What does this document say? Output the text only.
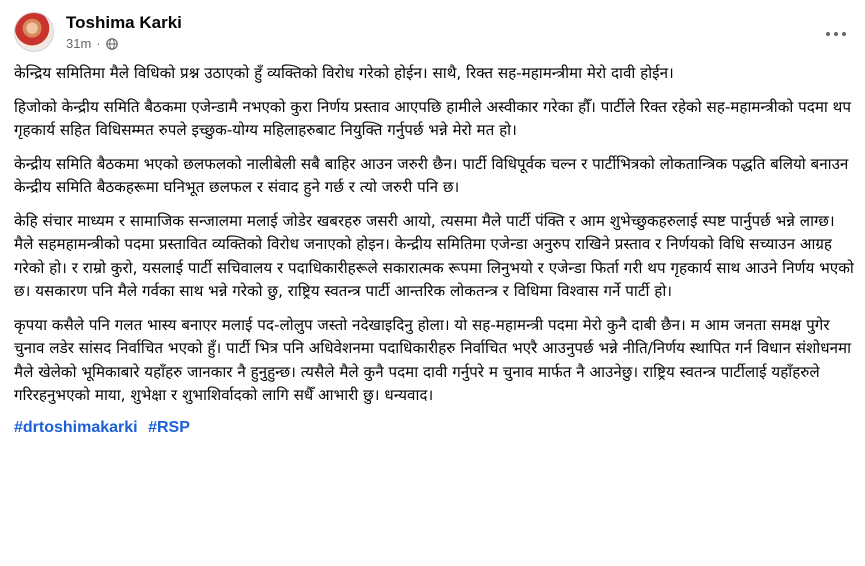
Toshima Karki
31m ·

केन्द्रिय समितिमा मैले विधिको प्रश्न उठाएको हुँ व्यक्तिको विरोध गरेको होईन। साथै, रिक्त सह-महामन्त्रीमा मेरो दावी होईन।

हिजोको केन्द्रीय समिति बैठकमा एजेन्डामै नभएको कुरा निर्णय प्रस्ताव आएपछि हामीले अस्वीकार गरेका हौँ। पार्टीले रिक्त रहेको सह-महामन्त्रीको पदमा थप गृहकार्य सहित विधिसम्मत रुपले इच्छुक-योग्य महिलाहरुबाट नियुक्ति गर्नुपर्छ भन्ने मेरो मत हो।

केन्द्रीय समिति बैठकमा भएको छलफलको नालीबेली सबै बाहिर आउन जरुरी छैन। पार्टी विधिपूर्वक चल्न र पार्टीभित्रको लोकतान्त्रिक पद्धति बलियो बनाउन केन्द्रीय समिति बैठकहरूमा घनिभूत छलफल र संवाद हुने गर्छ र त्यो जरुरी पनि छ।

केहि संचार माध्यम र सामाजिक सन्जालमा मलाई जोडेर खबरहरु जसरी आयो, त्यसमा मैले पार्टी पंक्ति र आम शुभेच्छुकहरुलाई स्पष्ट पार्नुपर्छ भन्ने लाग्छ। मैले सहमहामन्त्रीको पदमा प्रस्तावित व्यक्तिको विरोध जनाएको होइन। केन्द्रीय समितिमा एजेन्डा अनुरुप राखिने प्रस्ताव र निर्णयको विधि सच्याउन आग्रह गरेको हो। र राम्रो कुरो, यसलाई पार्टी सचिवालय र पदाधिकारीहरूले सकारात्मक रूपमा लिनुभयो र एजेन्डा फिर्ता गरी थप गृहकार्य साथ आउने निर्णय भएको छ। यसकारण पनि मैले गर्वका साथ भन्ने गरेको छु, राष्ट्रिय स्वतन्त्र पार्टी आन्तरिक लोकतन्त्र र विधिमा विश्वास गर्ने पार्टी हो।

कृपया कसैले पनि गलत भास्य बनाएर मलाई पद-लोलुप जस्तो नदेखाइदिनु होला। यो सह-महामन्त्री पदमा मेरो कुनै दाबी छैन। म आम जनता समक्ष पुगेर चुनाव लडेर सांसद निर्वाचित भएको हुँ। पार्टी भित्र पनि अधिवेशनमा पदाधिकारीहरु निर्वाचित भएरै आउनुपर्छ भन्ने नीति/निर्णय स्थापित गर्न विधान संशोधनमा मैले खेलेको भूमिकाबारे यहाँहरु जानकार नै हुनुहुन्छ। त्यसैले मैले कुनै पदमा दावी गर्नुपरे म चुनाव मार्फत नै आउनेछु। राष्ट्रिय स्वतन्त्र पार्टीलाई यहाँहरुले गरिरहनुभएको माया, शुभेक्षा र शुभाशिर्वादको लागि सधैँ आभारी छु। धन्यवाद।

#drtoshimakarki #RSP
